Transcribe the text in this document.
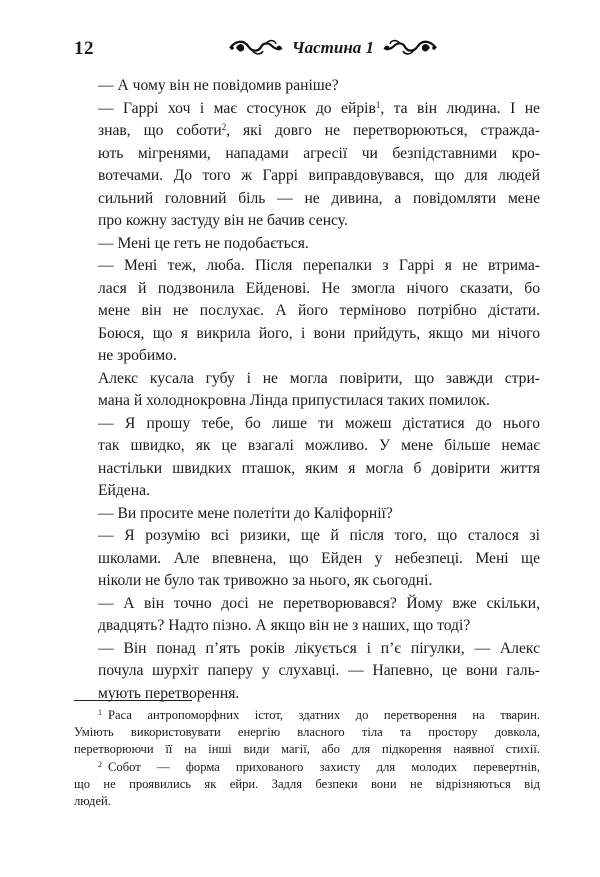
12	Частина 1

— А чому він не повідомив раніше?

— Гаррі хоч і має стосунок до ейрів$^1$, та він людина. І не
знав, що соботи$^2$, які довго не перетворюються, страждa-
ють мігренями, нападами агресії чи безпідставними кро-
вотечами. До того ж Гаррі виправдовувався, що для людей
сильний головний біль — не дивина, а повідомляти мене
про кожну застуду він не бачив сенсу.

— Мені це геть не подобається.

— Мені теж, люба. Після перепалки з Гаррі я не втрима-
лася й подзвонила Ейденові. Не змогла нічого сказати, бо
мене він не послухає. А його терміново потрібно дістати.
Боюся, що я викрила його, і вони прийдуть, якщо ми нічого
не зробимо.

Алекс кусала губу і не могла повірити, що завжди стри-
мана й холоднокровна Лінда припустилася таких помилок.

— Я прошу тебе, бо лише ти можеш дістатися до нього
так швидко, як це взагалі можливо. У мене більше немає
настільки швидких пташок, яким я могла б довірити життя
Ейдена.

— Ви просите мене полетіти до Каліфорнії?

— Я розумію всі ризики, ще й після того, що сталося зі
школами. Але впевнена, що Ейден у небезпеці. Мені ще
ніколи не було так тривожно за нього, як сьогодні.

— А він точно досі не перетворювався? Йому вже скільки,
двадцять? Надто пізно. А якщо він не з наших, що тоді?

— Він понад п’ять років лікується і п’є пігулки, — Алекс
почула шурхіт паперу у слухавці. — Напевно, це вони галь-
мують перетворення.

$^1$ Раса антропоморфних істот, здатних до перетворення на тварин.
Уміють використовувати енергію власного тіла та простору довкола,
перетворюючи її на інші види магії, або для підкорення наявної стихії.

$^2$ Собот — форма прихованого захисту для молодих перевертнів,
що не проявились як ейри. Задля безпеки вони не відрізняються від
людей.
